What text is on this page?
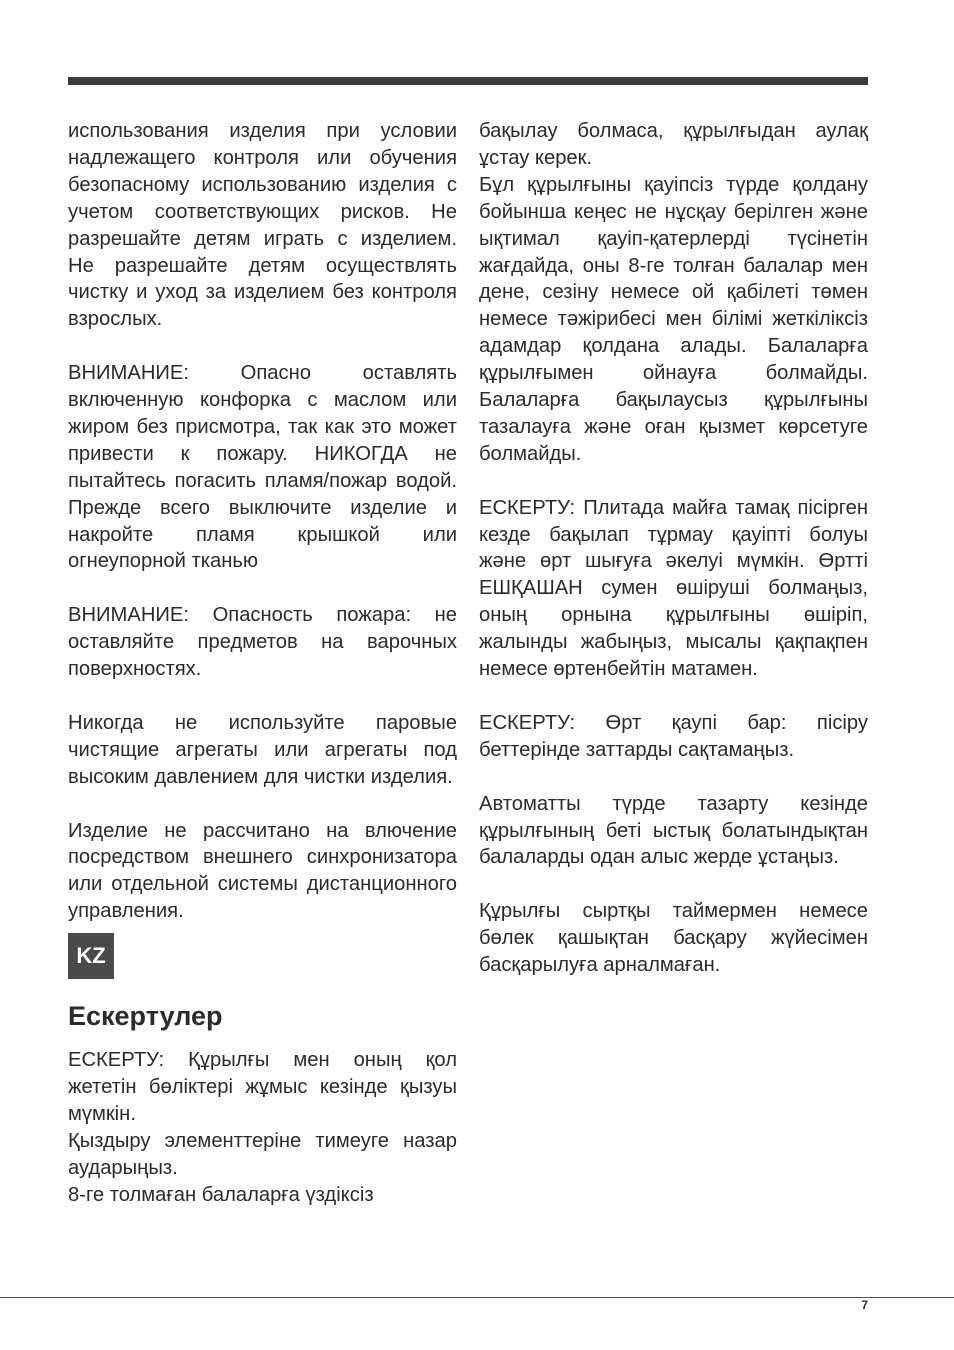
использования изделия при условии надлежащего контроля или обучения безопасному использованию изделия с учетом соответствующих рисков. Не разрешайте детям играть с изделием. Не разрешайте детям осуществлять чистку и уход за изделием без контроля взрослых.

ВНИМАНИЕ: Опасно оставлять включенную конфорка с маслом или жиром без присмотра, так как это может привести к пожару. НИКОГДА не пытайтесь погасить пламя/пожар водой. Прежде всего выключите изделие и накройте пламя крышкой или огнеупорной тканью

ВНИМАНИЕ: Опасность пожара: не оставляйте предметов на варочных поверхностях.

Никогда не используйте паровые чистящие агрегаты или агрегаты под высоким давлением для чистки изделия.

Изделие не рассчитано на влючение посредством внешнего синхронизатора или отдельной системы дистанционного управления.

KZ
Ескертулер

ЕСКЕРТУ: Құрылғы мен оның қол жететін бөліктері жұмыс кезінде қызуы мүмкін.

Қыздыру элементтеріне тимеуге назар аударыңыз.

8-ге толмаған балаларға үздіксіз

бақылау болмаса, құрылғыдан аулақ ұстау керек.

Бұл құрылғыны қауіпсіз түрде қолдану бойынша кеңес не нұсқау берілген және ықтимал қауіп-қатерлерді түсінетін жағдайда, оны 8-ге толған балалар мен дене, сезіну немесе ой қабілеті төмен немесе тәжірибесі мен білімі жеткіліксіз адамдар қолдана алады. Балаларға құрылғымен ойнауға болмайды. Балаларға бақылаусыз құрылғыны тазалауға және оған қызмет көрсетуге болмайды.

ЕСКЕРТУ: Плитада майға тамақ пісірген кезде бақылап тұрмау қауіпті болуы және өрт шығуға әкелуі мүмкін. Өртті ЕШҚАШАН сумен өшіруші болмаңыз, оның орнына құрылғыны өшіріп, жалынды жабыңыз, мысалы қақпақпен немесе өртенбейтін матамен.

ЕСКЕРТУ: Өрт қаупі бар: пісіру беттерінде заттарды сақтамаңыз.

Автоматты түрде тазарту кезінде құрылғының беті ыстық болатындықтан балаларды одан алыс жерде ұстаңыз.

Құрылғы сыртқы таймермен немесе бөлек қашықтан басқару жүйесімен басқарылуға арналмаған.

7
